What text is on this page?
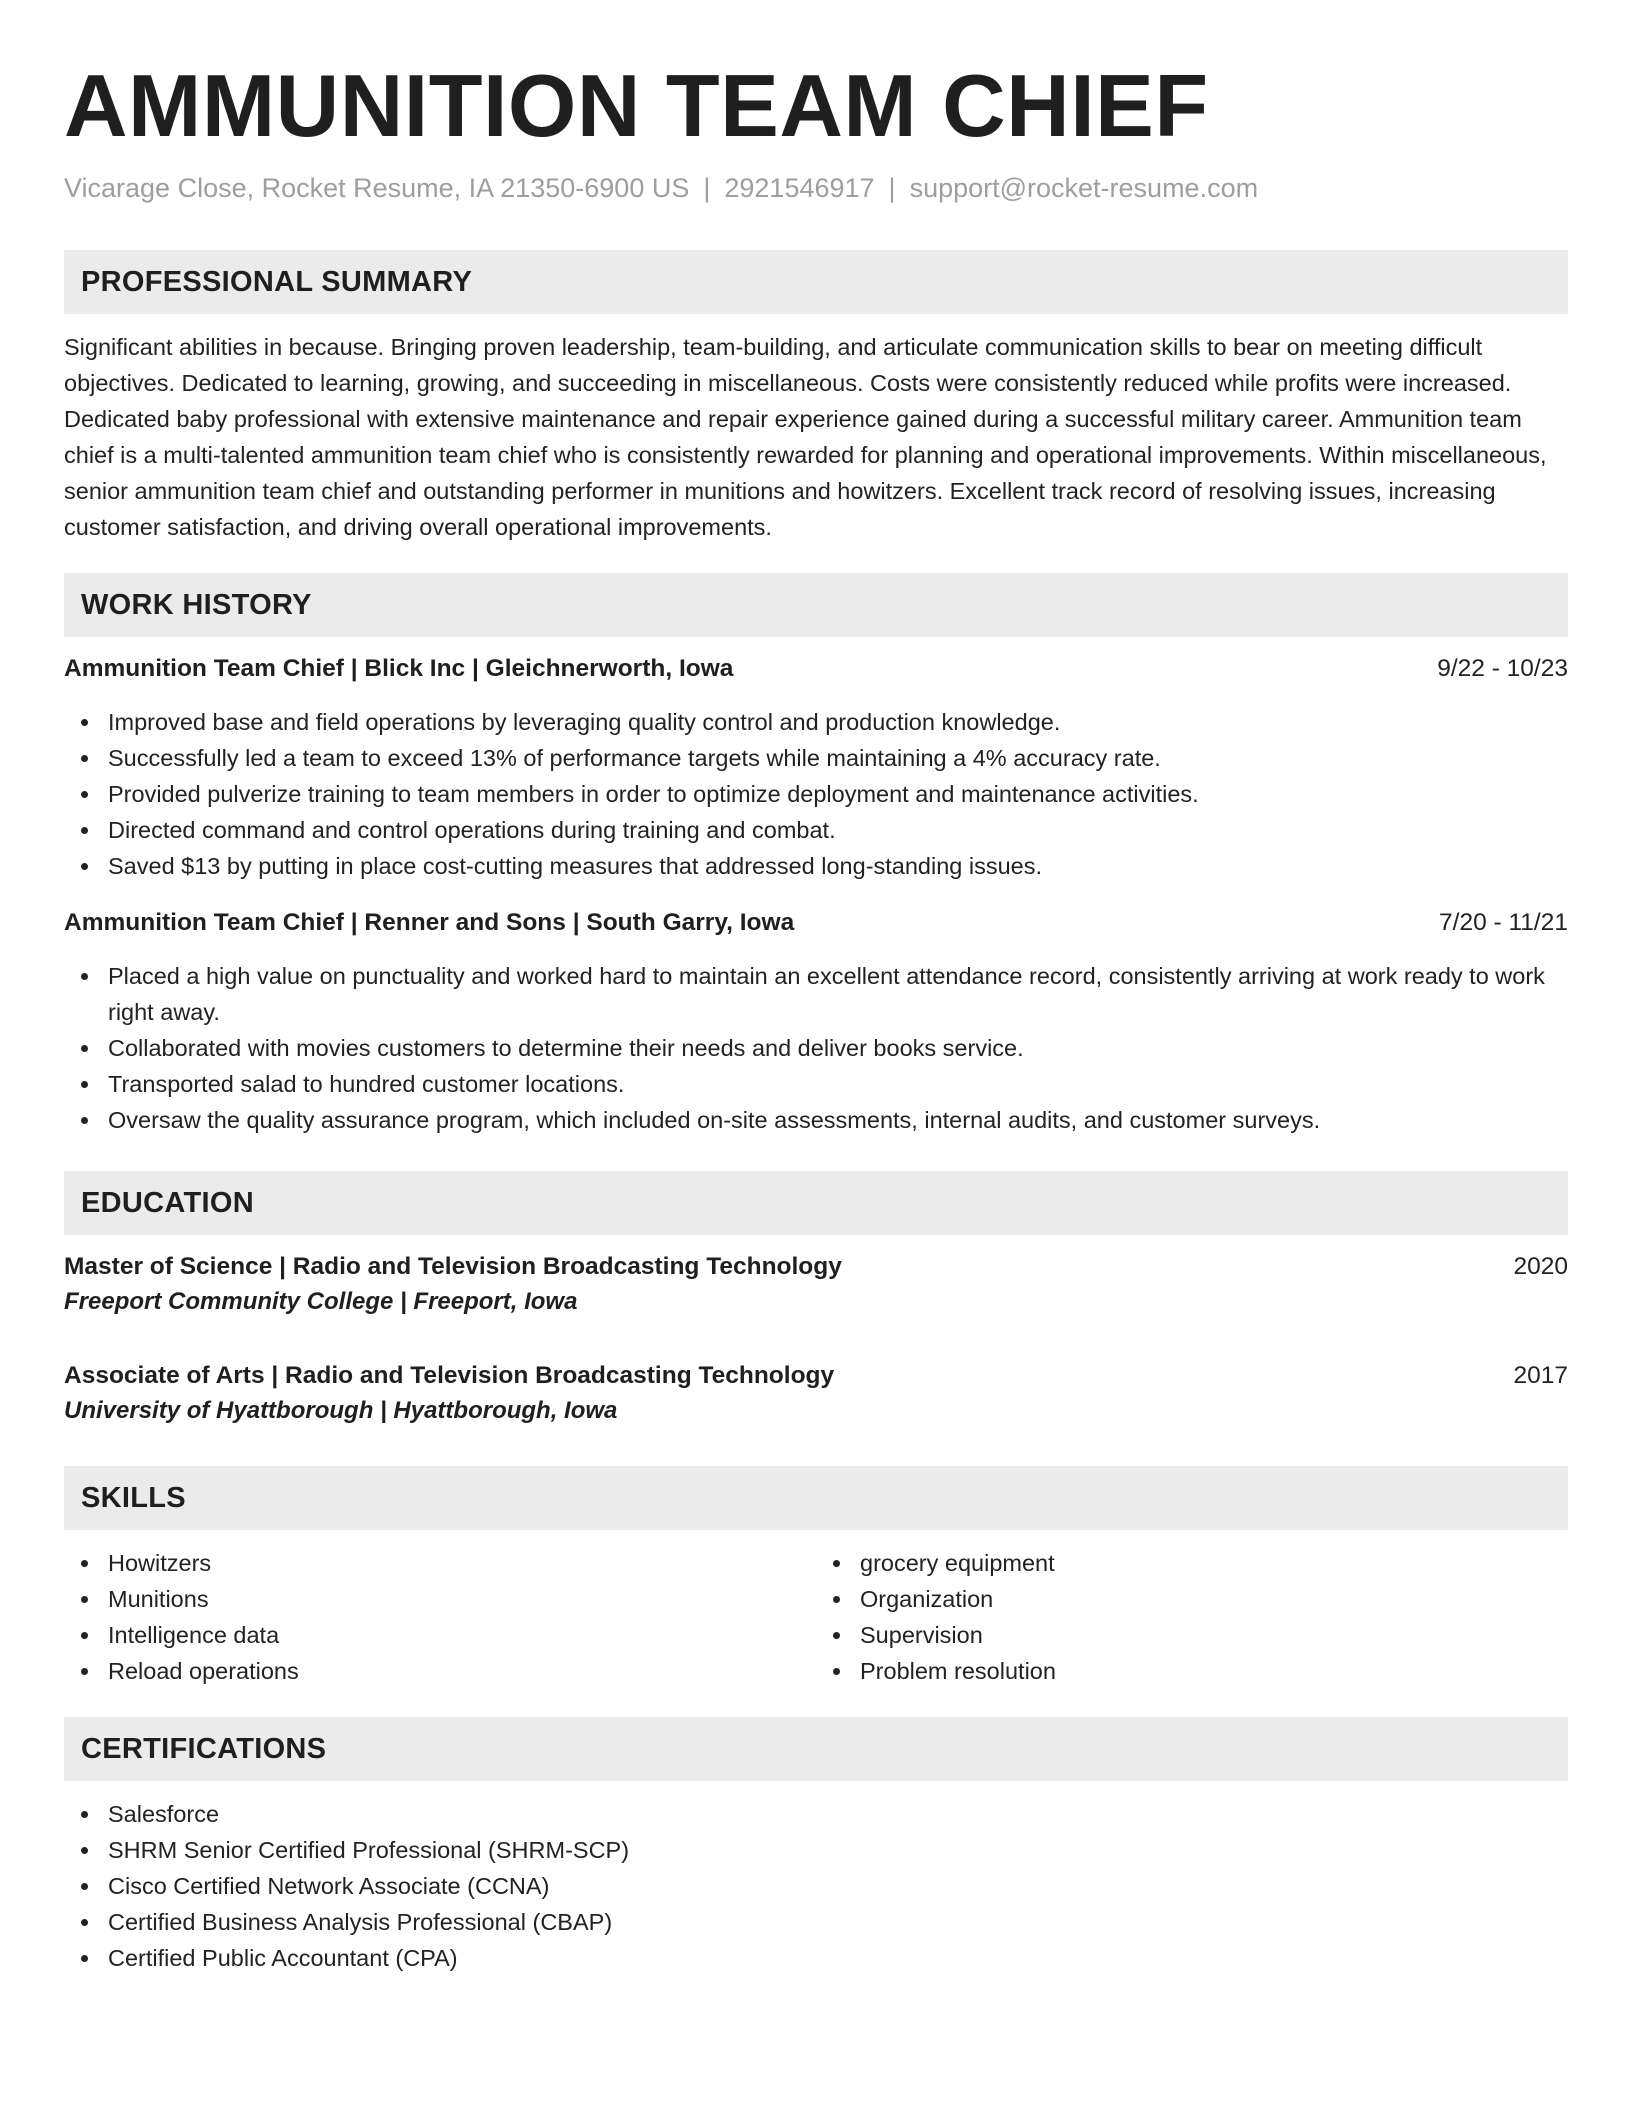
AMMUNITION TEAM CHIEF
Vicarage Close, Rocket Resume, IA 21350-6900 US | 2921546917 | support@rocket-resume.com
PROFESSIONAL SUMMARY

Significant abilities in because. Bringing proven leadership, team-building, and articulate communication skills to bear on meeting difficult objectives. Dedicated to learning, growing, and succeeding in miscellaneous. Costs were consistently reduced while profits were increased. Dedicated baby professional with extensive maintenance and repair experience gained during a successful military career. Ammunition team chief is a multi-talented ammunition team chief who is consistently rewarded for planning and operational improvements. Within miscellaneous, senior ammunition team chief and outstanding performer in munitions and howitzers. Excellent track record of resolving issues, increasing customer satisfaction, and driving overall operational improvements.

WORK HISTORY
Ammunition Team Chief | Blick Inc | Gleichnerworth, Iowa	9/22 - 10/23
Improved base and field operations by leveraging quality control and production knowledge.
Successfully led a team to exceed 13% of performance targets while maintaining a 4% accuracy rate.
Provided pulverize training to team members in order to optimize deployment and maintenance activities.
Directed command and control operations during training and combat.
Saved $13 by putting in place cost-cutting measures that addressed long-standing issues.
Ammunition Team Chief | Renner and Sons | South Garry, Iowa	7/20 - 11/21
Placed a high value on punctuality and worked hard to maintain an excellent attendance record, consistently arriving at work ready to work right away.
Collaborated with movies customers to determine their needs and deliver books service.
Transported salad to hundred customer locations.
Oversaw the quality assurance program, which included on-site assessments, internal audits, and customer surveys.
EDUCATION
Master of Science | Radio and Television Broadcasting Technology	2020
Freeport Community College | Freeport, Iowa
Associate of Arts | Radio and Television Broadcasting Technology	2017
University of Hyattborough | Hyattborough, Iowa
SKILLS
Howitzers
Munitions
Intelligence data
Reload operations
grocery equipment
Organization
Supervision
Problem resolution
CERTIFICATIONS
Salesforce
SHRM Senior Certified Professional (SHRM-SCP)
Cisco Certified Network Associate (CCNA)
Certified Business Analysis Professional (CBAP)
Certified Public Accountant (CPA)
